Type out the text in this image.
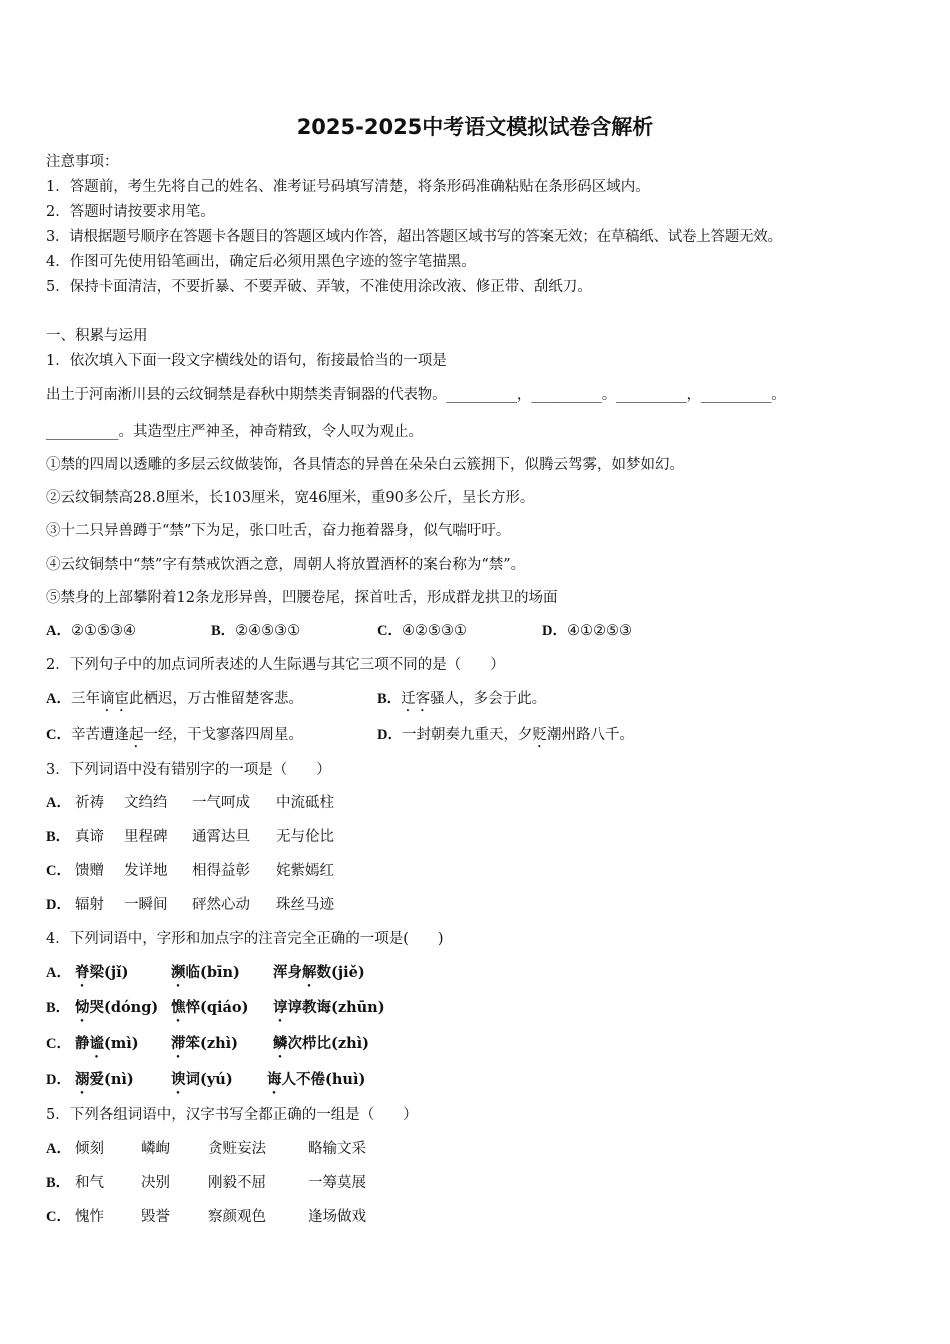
2025-2025中考语文模拟试卷含解析
注意事项：
1．答题前，考生先将自己的姓名、准考证号码填写清楚，将条形码准确粘贴在条形码区域内。
2．答题时请按要求用笔。
3．请根据题号顺序在答题卡各题目的答题区域内作答，超出答题区域书写的答案无效；在草稿纸、试卷上答题无效。
4．作图可先使用铅笔画出，确定后必须用黑色字迹的签字笔描黑。
5．保持卡面清洁，不要折暴、不要弄破、弄皱，不准使用涂改液、修正带、刮纸刀。
一、积累与运用
1．依次填入下面一段文字横线处的语句，衔接最恰当的一项是
出土于河南淅川县的云纹铜禁是春秋中期禁类青铜器的代表物。__________，__________。__________，__________。
__________。其造型庄严神圣，神奇精致，令人叹为观止。
①禁的四周以透雕的多层云纹做装饰，各具情态的异兽在朵朵白云簇拥下，似腾云驾雾，如梦如幻。
②云纹铜禁高28.8厘米，长103厘米，宽46厘米，重90多公斤，呈长方形。
③十二只异兽蹲于“禁”下为足，张口吐舌，奋力拖着器身，似气喘吁吁。
④云纹铜禁中“禁”字有禁戒饮酒之意，周朝人将放置酒杯的案台称为“禁”。
⑤禁身的上部攀附着12条龙形异兽，凹腰卷尾，探首吐舌，形成群龙拱卫的场面
A．②①⑤③④	B．②④⑤③①	C．④②⑤③①	D．④①②⑤③
2．下列句子中的加点词所表述的人生际遇与其它三项不同的是（　　）
A．三年谪宦此栖迟，万古惟留楚客悲。	B．迁客骚人，多会于此。
C．辛苦遭逢起一经，干戈寥落四周星。	D．一封朝奏九重天，夕贬潮州路八千。
3．下列词语中没有错别字的一项是（　　）
A． 祈祷 文绉绉 一气呵成 中流砥柱
B． 真谛 里程碑 通霄达旦 无与伦比
C． 馈赠 发详地 相得益彰 姹紫嫣红
D． 辐射 一瞬间 砰然心动 珠丝马迹
4．下列词语中，字形和加点字的注音完全正确的一项是(　　)
A． 脊梁(jǐ)	濒临(bīn) 浑身解数(jiě)
B． 恸哭(dóng) 憔悴(qiáo) 谆谆教诲(zhūn)
C． 静谧(mì) 滞笨(zhì) 鳞次栉比(zhì)
D． 溺爱(nì)	谀词(yú) 诲人不倦(huì)
5．下列各组词语中，汉字书写全都正确的一组是（　　）
A． 倾刻	嶙峋	贪赃妄法	略输文采
B． 和气	决别	刚毅不屈	一筹莫展
C． 愧怍	毁誉	察颜观色	逢场做戏
